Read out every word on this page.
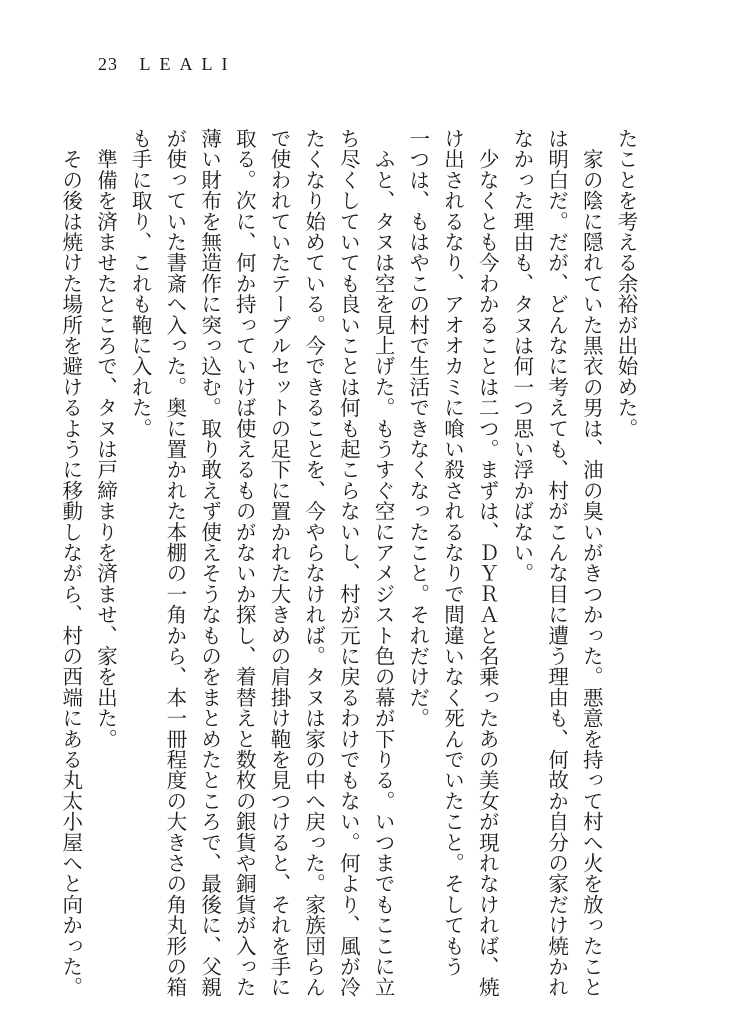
23 LEALI
たことを考える余裕が出始めた。
　家の陰に隠れていた黒衣の男は、油の臭いがきつかった。悪意を持って村へ火を放ったこと
は明白だ。だが、どんなに考えても、村がこんな目に遭う理由も、何故か自分の家だけ焼かれ
なかった理由も、タヌは何一つ思い浮かばない。
　少なくとも今わかることは二つ。まずは、ＤＹＲＡと名乗ったあの美女が現れなければ、焼
け出されるなり、アオオカミに喰い殺されるなりで間違いなく死んでいたこと。そしてもう
一つは、もはやこの村で生活できなくなったこと。それだけだ。
　ふと、タヌは空を見上げた。もうすぐ空にアメジスト色の幕が下りる。いつまでもここに立
ち尽くしていても良いことは何も起こらないし、村が元に戻るわけでもない。何より、風が冷
たくなり始めている。今できることを、今やらなければ。タヌは家の中へ戻った。家族団らん
で使われていたテーブルセットの足下に置かれた大きめの肩掛け鞄を見つけると、それを手に
取る。次に、何か持っていけば使えるものがないか探し、着替えと数枚の銀貨や銅貨が入った
薄い財布を無造作に突っ込む。取り敢えず使えそうなものをまとめたところで、最後に、父親
が使っていた書斎へ入った。奥に置かれた本棚の一角から、本一冊程度の大きさの角丸形の箱
も手に取り、これも鞄に入れた。
　準備を済ませたところで、タヌは戸締まりを済ませ、家を出た。
　その後は焼けた場所を避けるように移動しながら、村の西端にある丸太小屋へと向かった。
